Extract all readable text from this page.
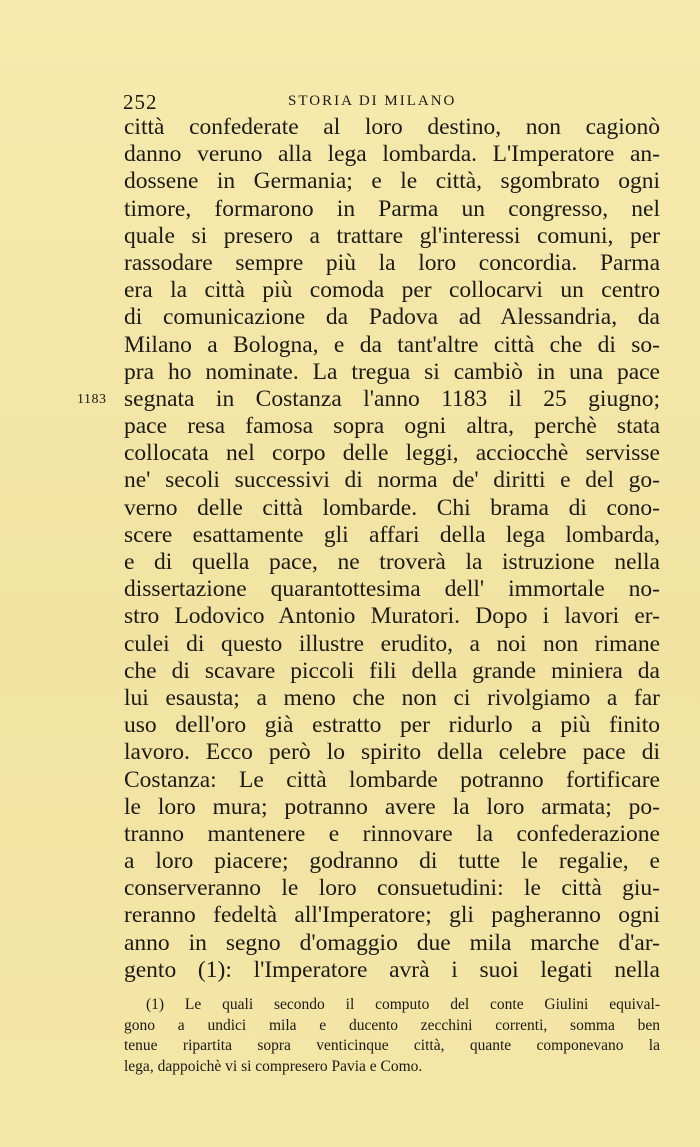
252	STORIA DI MILANO
città confederate al loro destino, non cagionò
danno veruno alla lega lombarda. L'Imperatore an-
dossene in Germania; e le città, sgombrato ogni
timore, formarono in Parma un congresso, nel
quale si presero a trattare gl'interessi comuni, per
rassodare sempre più la loro concordia. Parma
era la città più comoda per collocarvi un centro
di comunicazione da Padova ad Alessandria, da
Milano a Bologna, e da tant'altre città che di so-
pra ho nominate. La tregua si cambiò in una pace
1183 segnata in Costanza l'anno 1183 il 25 giugno;
pace resa famosa sopra ogni altra, perchè stata
collocata nel corpo delle leggi, acciocchè servisse
ne' secoli successivi di norma de' diritti e del go-
verno delle città lombarde. Chi brama di cono-
scere esattamente gli affari della lega lombarda,
e di quella pace, ne troverà la istruzione nella
dissertazione quarantottesima dell' immortale no-
stro Lodovico Antonio Muratori. Dopo i lavori er-
culei di questo illustre erudito, a noi non rimane
che di scavare piccoli fili della grande miniera da
lui esausta; a meno che non ci rivolgiamo a far
uso dell'oro già estratto per ridurlo a più finito
lavoro. Ecco però lo spirito della celebre pace di
Costanza: Le città lombarde potranno fortificare
le loro mura; potranno avere la loro armata; po-
tranno mantenere e rinnovare la confederazione
a loro piacere; godranno di tutte le regalie, e
conserveranno le loro consuetudini: le città giu-
reranno fedeltà all'Imperatore; gli pagheranno ogni
anno in segno d'omaggio due mila marche d'ar-
gento (1): l'Imperatore avrà i suoi legati nella
(1) Le quali secondo il computo del conte Giulini equival-
gono a undici mila e ducento zecchini correnti, somma ben
tenue ripartita sopra venticinque città, quante componevano la
lega, dappoichè vi si compresero Pavia e Como.
